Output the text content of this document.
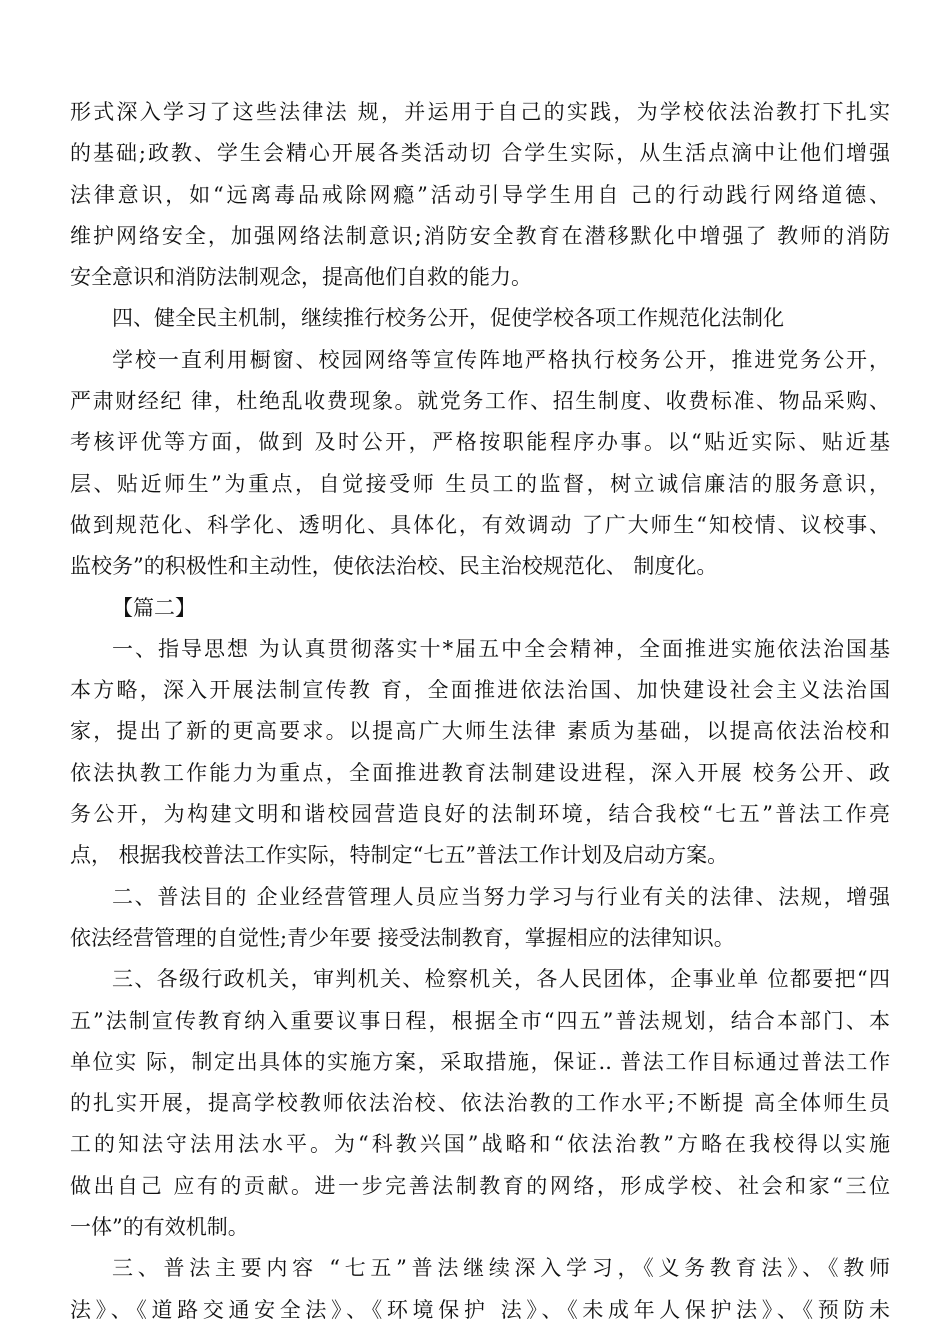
形式深入学习了这些法律法 规，并运用于自己的实践，为学校依法治教打下扎实
的基础;政教、学生会精心开展各类活动切 合学生实际，从生活点滴中让他们增强
法律意识，如“远离毒品戒除网瘾”活动引导学生用自 己的行动践行网络道德、
维护网络安全，加强网络法制意识;消防安全教育在潜移默化中增强了 教师的消防
安全意识和消防法制观念，提高他们自救的能力。
四、健全民主机制，继续推行校务公开，促使学校各项工作规范化法制化
学校一直利用橱窗、校园网络等宣传阵地严格执行校务公开，推进党务公开，
严肃财经纪 律，杜绝乱收费现象。就党务工作、招生制度、收费标准、物品采购、
考核评优等方面，做到 及时公开，严格按职能程序办事。以“贴近实际、贴近基
层、贴近师生”为重点，自觉接受师 生员工的监督，树立诚信廉洁的服务意识，
做到规范化、科学化、透明化、具体化，有效调动 了广大师生“知校情、议校事、
监校务”的积极性和主动性，使依法治校、民主治校规范化、 制度化。
【篇二】
一、指导思想 为认真贯彻落实十*届五中全会精神，全面推进实施依法治国基
本方略，深入开展法制宣传教 育，全面推进依法治国、加快建设社会主义法治国
家，提出了新的更高要求。以提高广大师生法律 素质为基础，以提高依法治校和
依法执教工作能力为重点，全面推进教育法制建设进程，深入开展 校务公开、政
务公开，为构建文明和谐校园营造良好的法制环境，结合我校“七五”普法工作亮
点， 根据我校普法工作实际，特制定“七五”普法工作计划及启动方案。
二、普法目的 企业经营管理人员应当努力学习与行业有关的法律、法规，增强
依法经营管理的自觉性;青少年要 接受法制教育，掌握相应的法律知识。
三、各级行政机关，审判机关、检察机关，各人民团体，企事业单 位都要把“四
五”法制宣传教育纳入重要议事日程，根据全市“四五”普法规划，结合本部门、本
单位实 际，制定出具体的实施方案，采取措施，保证.. 普法工作目标通过普法工作
的扎实开展，提高学校教师依法治校、依法治教的工作水平;不断提 高全体师生员
工的知法守法用法水平。为“科教兴国”战略和“依法治教”方略在我校得以实施
做出自己 应有的贡献。进一步完善法制教育的网络，形成学校、社会和家“三位
一体”的有效机制。
三、普法主要内容 “七五”普法继续深入学习，《义务教育法》、《教师
法》、《道路交通安全法》、《环境保护 法》、《未成年人保护法》、《预防未
